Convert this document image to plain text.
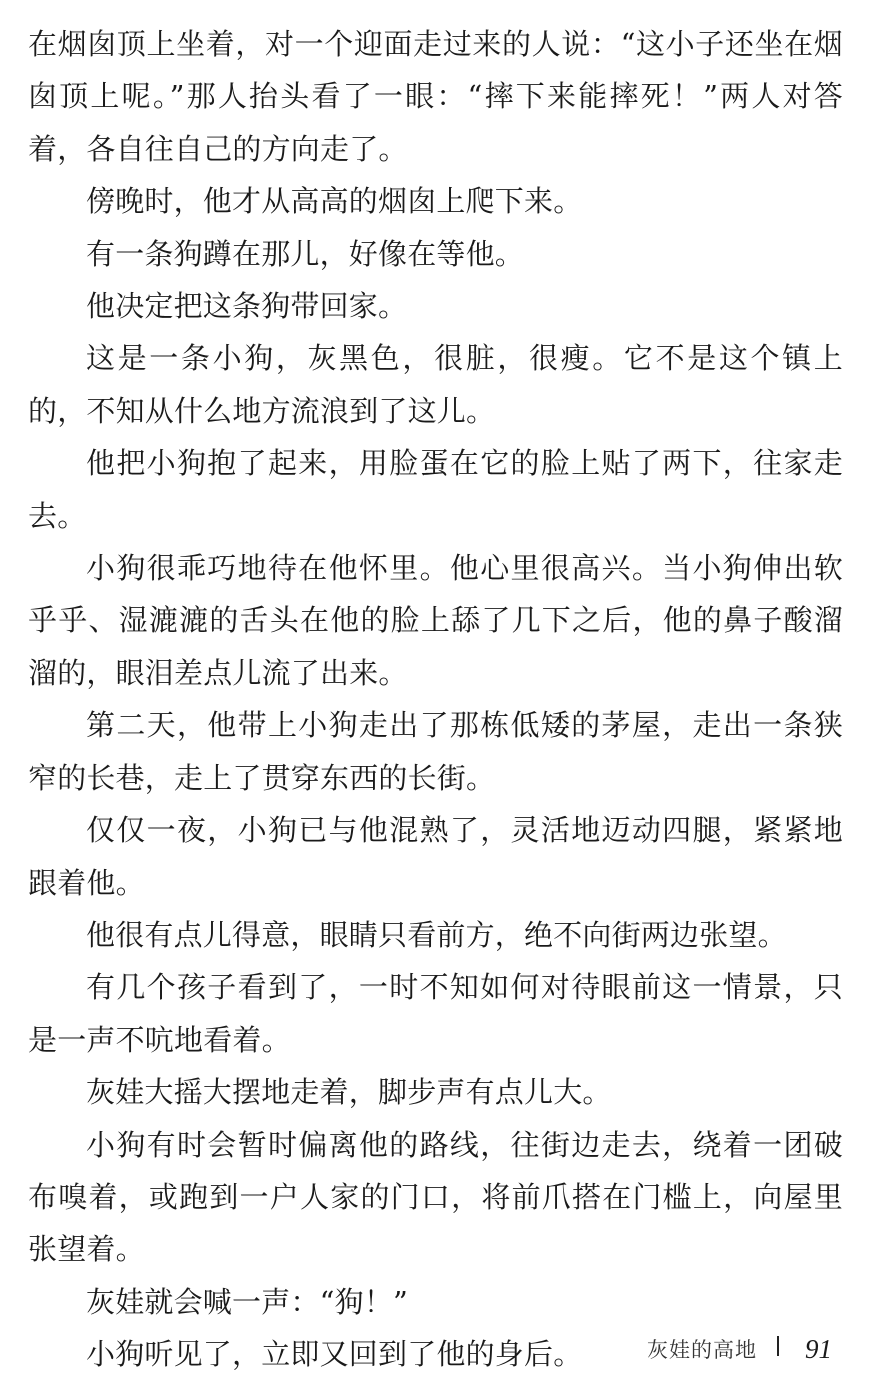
在烟囱顶上坐着，对一个迎面走过来的人说：“这小子还坐在烟囱顶上呢。”那人抬头看了一眼：“摔下来能摔死！”两人对答着，各自往自己的方向走了。

傍晚时，他才从高高的烟囱上爬下来。

有一条狗蹲在那儿，好像在等他。

他决定把这条狗带回家。

这是一条小狗，灰黑色，很脏，很瘦。它不是这个镇上的，不知从什么地方流浪到了这儿。

他把小狗抱了起来，用脸蛋在它的脸上贴了两下，往家走去。

小狗很乖巧地待在他怀里。他心里很高兴。当小狗伸出软乎乎、湿漉漉的舌头在他的脸上舔了几下之后，他的鼻子酸溜溜的，眼泪差点儿流了出来。

第二天，他带上小狗走出了那栋低矮的茅屋，走出一条狭窄的长巷，走上了贯穿东西的长街。

仅仅一夜，小狗已与他混熟了，灵活地迈动四腿，紧紧地跟着他。

他很有点儿得意，眼睛只看前方，绝不向街两边张望。

有几个孩子看到了，一时不知如何对待眼前这一情景，只是一声不吭地看着。

灰娃大摇大摆地走着，脚步声有点儿大。

小狗有时会暂时偏离他的路线，往街边走去，绕着一团破布嗅着，或跑到一户人家的门口，将前爪搭在门槛上，向屋里张望着。

灰娃就会喊一声：“狗！”

小狗听见了，立即又回到了他的身后。	灰娃的高地 91
